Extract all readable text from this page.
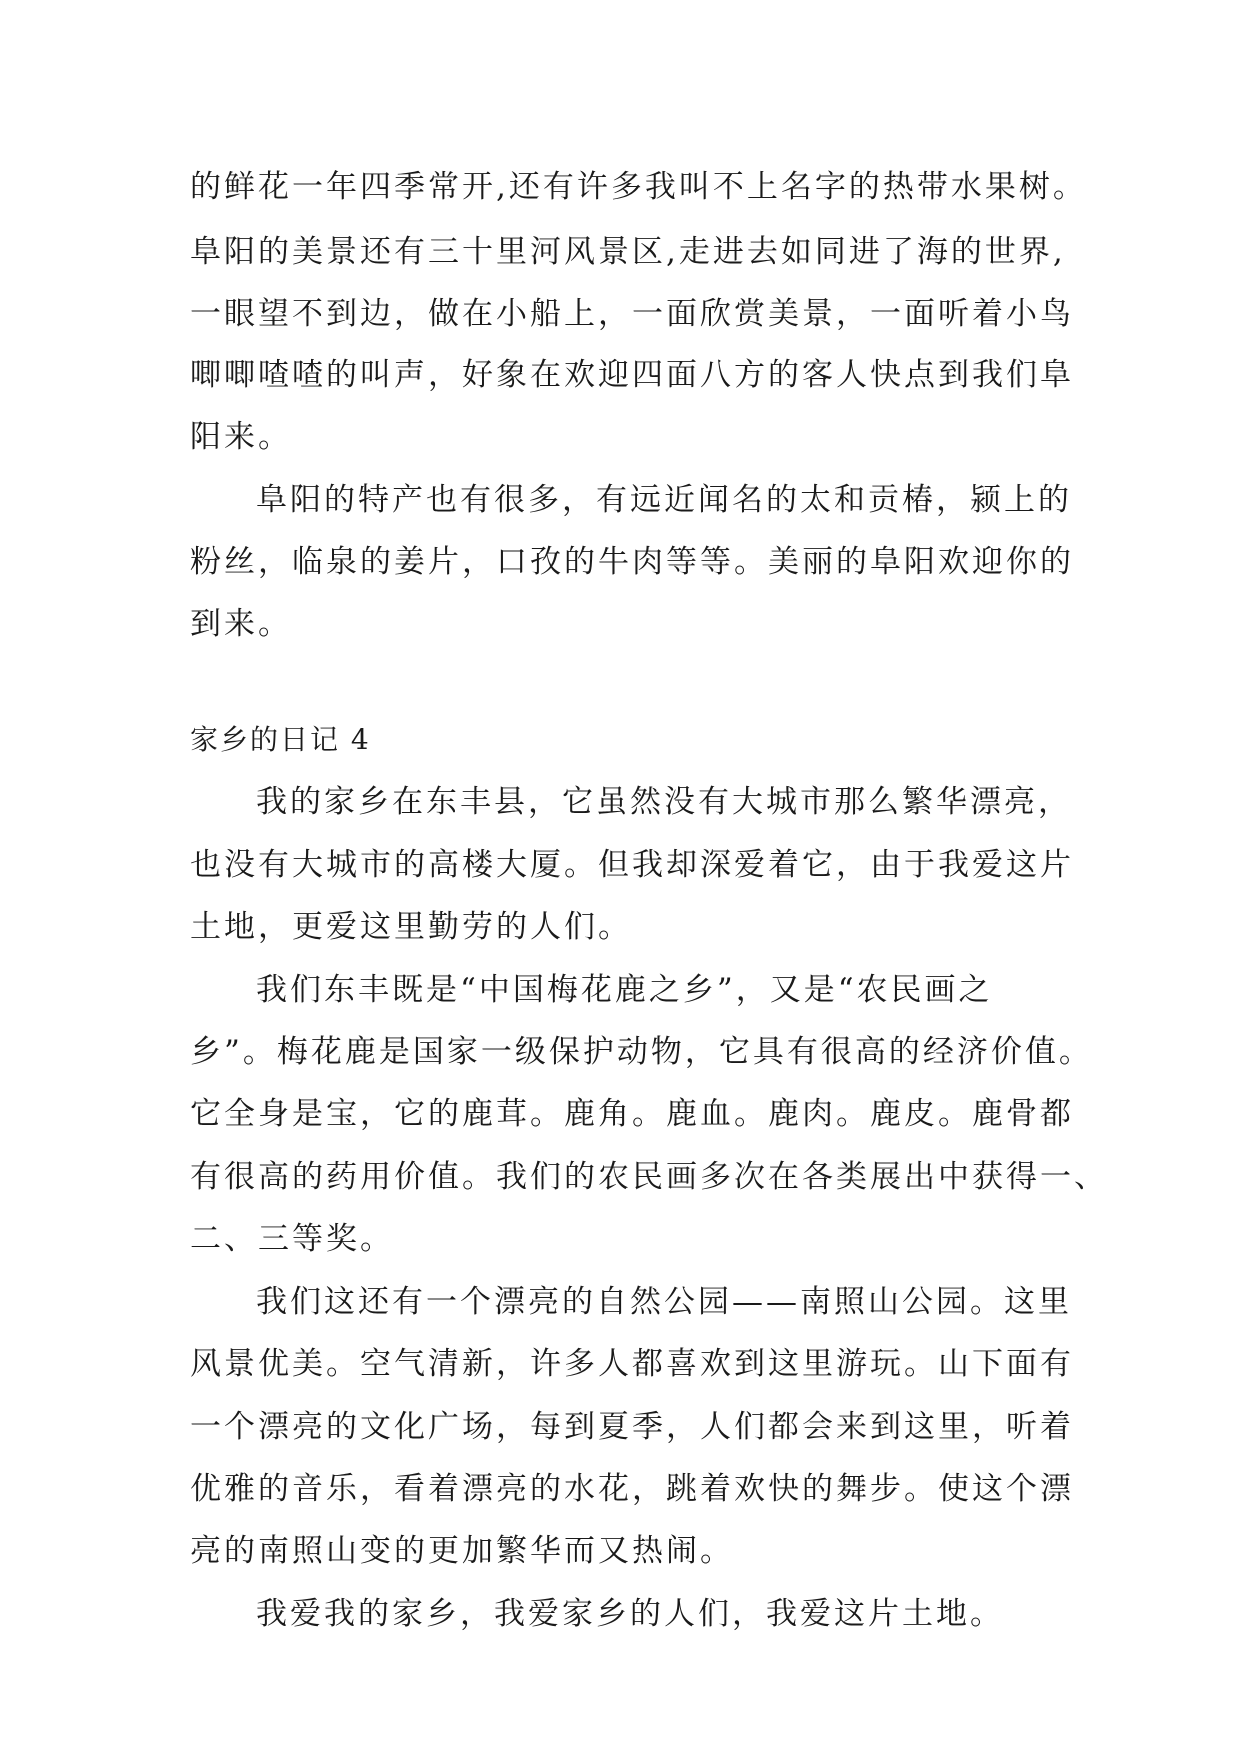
的鲜花一年四季常开,还有许多我叫不上名字的热带水果树。
阜阳的美景还有三十里河风景区,走进去如同进了海的世界,
一眼望不到边，做在小船上，一面欣赏美景，一面听着小鸟
唧唧喳喳的叫声，好象在欢迎四面八方的客人快点到我们阜
阳来。
阜阳的特产也有很多，有远近闻名的太和贡椿，颍上的
粉丝，临泉的姜片，口孜的牛肉等等。美丽的阜阳欢迎你的
到来。
家乡的日记 4
我的家乡在东丰县，它虽然没有大城市那么繁华漂亮，
也没有大城市的高楼大厦。但我却深爱着它，由于我爱这片
土地，更爱这里勤劳的人们。
我们东丰既是“中国梅花鹿之乡”，又是“农民画之
乡”。梅花鹿是国家一级保护动物，它具有很高的经济价值。
它全身是宝，它的鹿茸。鹿角。鹿血。鹿肉。鹿皮。鹿骨都
有很高的药用价值。我们的农民画多次在各类展出中获得一、
二、三等奖。
我们这还有一个漂亮的自然公园——南照山公园。这里
风景优美。空气清新，许多人都喜欢到这里游玩。山下面有
一个漂亮的文化广场，每到夏季，人们都会来到这里，听着
优雅的音乐，看着漂亮的水花，跳着欢快的舞步。使这个漂
亮的南照山变的更加繁华而又热闹。
我爱我的家乡，我爱家乡的人们，我爱这片土地。
